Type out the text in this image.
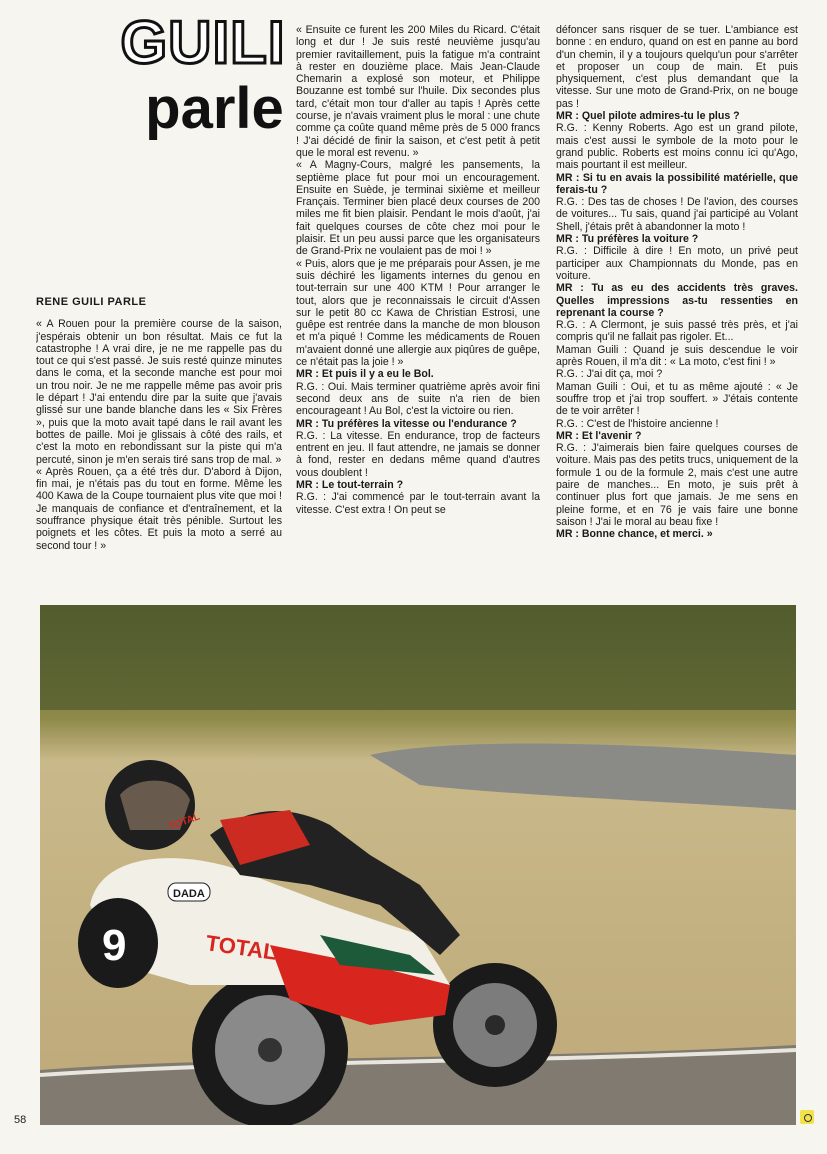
GUILI
parle
RENE GUILI PARLE

« A Rouen pour la première course de la saison, j'espérais obtenir un bon résultat. Mais ce fut la catastrophe ! A vrai dire, je ne me rappelle pas du tout ce qui s'est passé. Je suis resté quinze minutes dans le coma, et la seconde manche est pour moi un trou noir. Je ne me rappelle même pas avoir pris le départ ! J'ai entendu dire par la suite que j'avais glissé sur une bande blanche dans les « Six Frères », puis que la moto avait tapé dans le rail avant les bottes de paille. Moi je glissais à côté des rails, et c'est la moto en rebondissant sur la piste qui m'a percuté, sinon je m'en serais tiré sans trop de mal. »

« Après Rouen, ça a été très dur. D'abord à Dijon, fin mai, je n'étais pas du tout en forme. Même les 400 Kawa de la Coupe tournaient plus vite que moi ! Je manquais de confiance et d'entraînement, et la souffrance physique était très pénible. Surtout les poignets et les côtes. Et puis la moto a serré au second tour ! »

« Ensuite ce furent les 200 Miles du Ricard. C'était long et dur ! Je suis resté neuvième jusqu'au premier ravitaillement, puis la fatigue m'a contraint à rester en douzième place. Mais Jean-Claude Chemarin a explosé son moteur, et Philippe Bouzanne est tombé sur l'huile. Dix secondes plus tard, c'était mon tour d'aller au tapis ! Après cette course, je n'avais vraiment plus le moral : une chute comme ça coûte quand même près de 5 000 francs ! J'ai décidé de finir la saison, et c'est petit à petit que le moral est revenu. »

« A Magny-Cours, malgré les pansements, la septième place fut pour moi un encouragement. Ensuite en Suède, je terminai sixième et meilleur Français. Terminer bien placé deux courses de 200 miles me fit bien plaisir. Pendant le mois d'août, j'ai fait quelques courses de côte chez moi pour le plaisir. Et un peu aussi parce que les organisateurs de Grand-Prix ne voulaient pas de moi ! »

« Puis, alors que je me préparais pour Assen, je me suis déchiré les ligaments internes du genou en tout-terrain sur une 400 KTM ! Pour arranger le tout, alors que je reconnaissais le circuit d'Assen sur le petit 80 cc Kawa de Christian Estrosi, une guêpe est rentrée dans la manche de mon blouson et m'a piqué ! Comme les médicaments de Rouen m'avaient donné une allergie aux piqûres de guêpe, ce n'était pas la joie ! »

MR : Et puis il y a eu le Bol.

R.G. : Oui. Mais terminer quatrième après avoir fini second deux ans de suite n'a rien de bien encourageant ! Au Bol, c'est la victoire ou rien.

MR : Tu préfères la vitesse ou l'endurance ?

R.G. : La vitesse. En endurance, trop de facteurs entrent en jeu. Il faut attendre, ne jamais se donner à fond, rester en dedans même quand d'autres vous doublent !

MR : Le tout-terrain ?

R.G. : J'ai commencé par le tout-terrain avant la vitesse. C'est extra ! On peut se

défoncer sans risquer de se tuer. L'ambiance est bonne : en enduro, quand on est en panne au bord d'un chemin, il y a toujours quelqu'un pour s'arrêter et proposer un coup de main. Et puis physiquement, c'est plus demandant que la vitesse. Sur une moto de Grand-Prix, on ne bouge pas !

MR : Quel pilote admires-tu le plus ?

R.G. : Kenny Roberts. Ago est un grand pilote, mais c'est aussi le symbole de la moto pour le grand public. Roberts est moins connu ici qu'Ago, mais pourtant il est meilleur.

MR : Si tu en avais la possibilité matérielle, que ferais-tu ?

R.G. : Des tas de choses ! De l'avion, des courses de voitures... Tu sais, quand j'ai participé au Volant Shell, j'étais prêt à abandonner la moto !

MR : Tu préfères la voiture ?

R.G. : Difficile à dire ! En moto, un privé peut participer aux Championnats du Monde, pas en voiture.

MR : Tu as eu des accidents très graves. Quelles impressions as-tu ressenties en reprenant la course ?

R.G. : A Clermont, je suis passé très près, et j'ai compris qu'il ne fallait pas rigoler. Et...

Maman Guili : Quand je suis descendue le voir après Rouen, il m'a dit : « La moto, c'est fini ! »

R.G. : J'ai dit ça, moi ?

Maman Guili : Oui, et tu as même ajouté : « Je souffre trop et j'ai trop souffert. » J'étais contente de te voir arrêter !

R.G. : C'est de l'histoire ancienne !

MR : Et l'avenir ?

R.G. : J'aimerais bien faire quelques courses de voiture. Mais pas des petits trucs, uniquement de la formule 1 ou de la formule 2, mais c'est une autre paire de manches... En moto, je suis prêt à continuer plus fort que jamais. Je me sens en pleine forme, et en 76 je vais faire une bonne saison ! J'ai le moral au beau fixe !

MR : Bonne chance, et merci. »

9	TOTAL
DADA
TOTAL
58
